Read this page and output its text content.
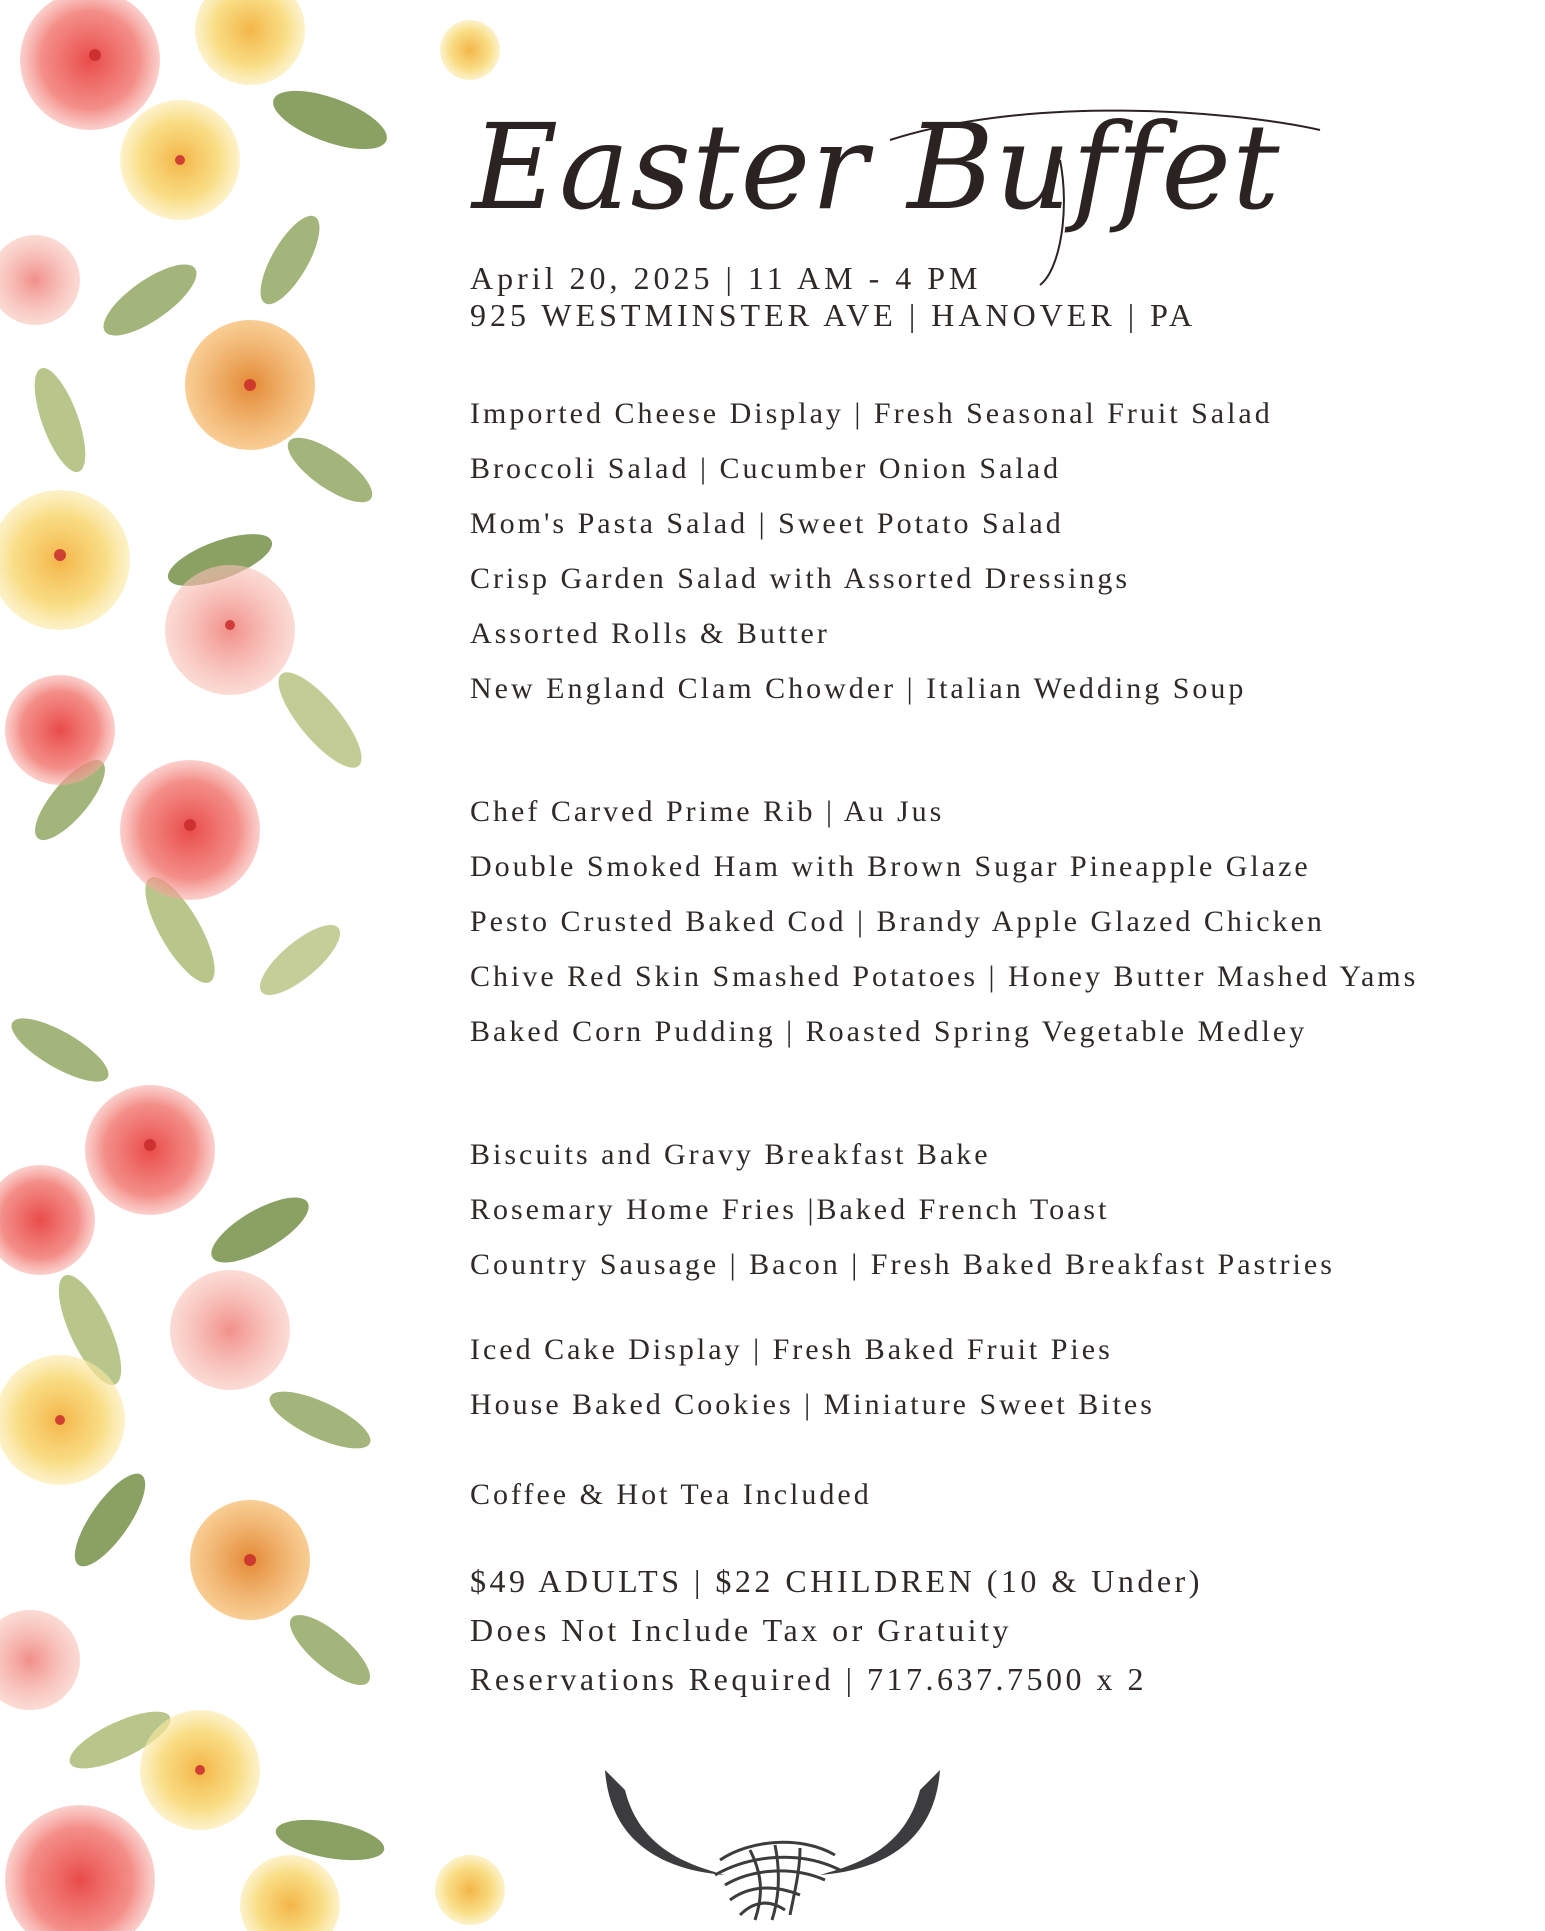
Easter Buffet

April 20, 2025 | 11 AM - 4 PM

925 WESTMINSTER AVE | HANOVER | PA

Imported Cheese Display | Fresh Seasonal Fruit Salad
Broccoli Salad | Cucumber Onion Salad
Mom's Pasta Salad | Sweet Potato Salad
Crisp Garden Salad with Assorted Dressings
Assorted Rolls & Butter
New England Clam Chowder | Italian Wedding Soup
Chef Carved Prime Rib | Au Jus
Double Smoked Ham with Brown Sugar Pineapple Glaze
Pesto Crusted Baked Cod | Brandy Apple Glazed Chicken
Chive Red Skin Smashed Potatoes | Honey Butter Mashed Yams
Baked Corn Pudding | Roasted Spring Vegetable Medley
Biscuits and Gravy Breakfast Bake
Rosemary Home Fries |Baked French Toast
Country Sausage | Bacon | Fresh Baked Breakfast Pastries
Iced Cake Display | Fresh Baked Fruit Pies
House Baked Cookies | Miniature Sweet Bites
Coffee & Hot Tea Included
$49 ADULTS | $22 CHILDREN (10 & Under)
Does Not Include Tax or Gratuity
Reservations Required | 717.637.7500 x 2
